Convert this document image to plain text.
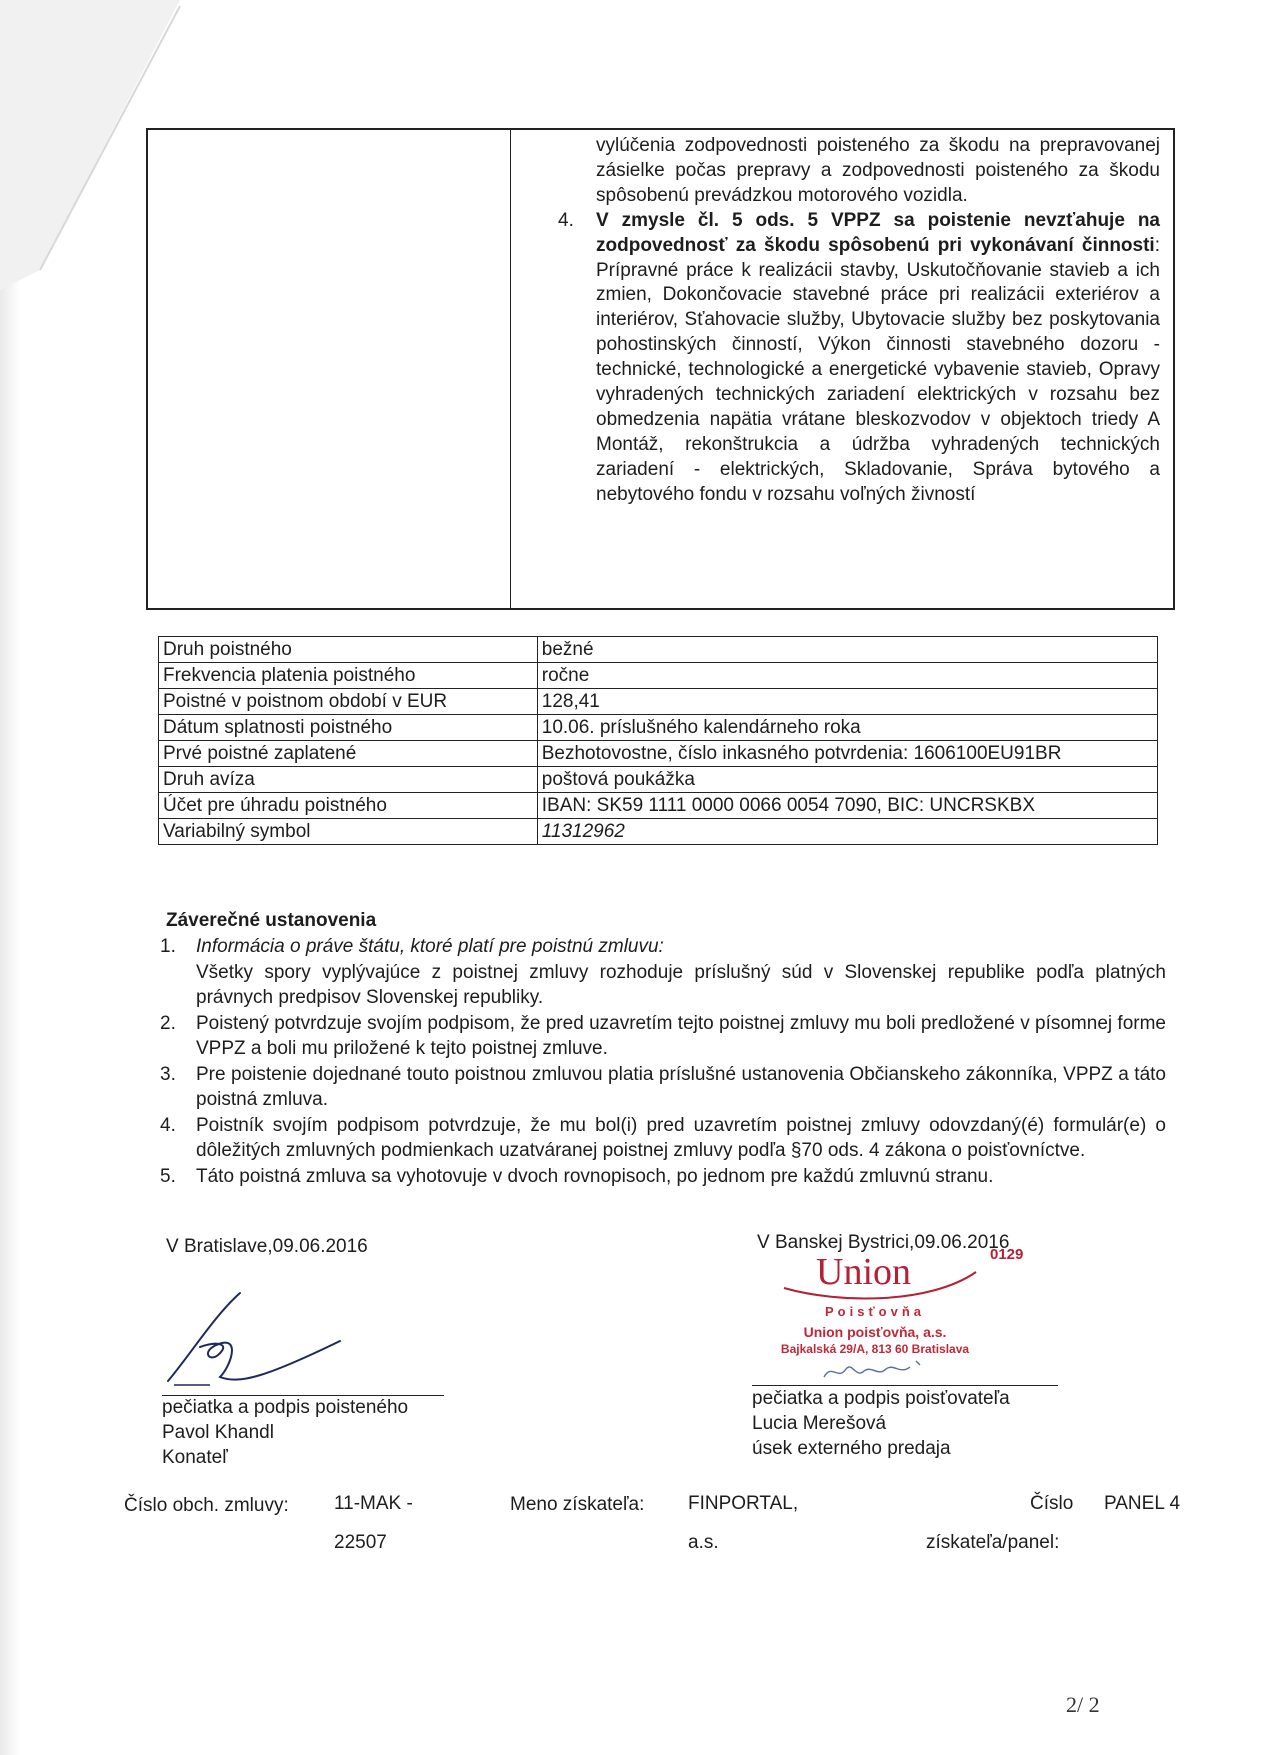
vylúčenia zodpovednosti poisteného za škodu na prepravovanej zásielke počas prepravy a zodpovednosti poisteného za škodu spôsobenú prevádzkou motorového vozidla.

4. V zmysle čl. 5 ods. 5 VPPZ sa poistenie nevzťahuje na zodpovednosť za škodu spôsobenú pri vykonávaní činnosti: Prípravné práce k realizácii stavby, Uskutočňovanie stavieb a ich zmien, Dokončovacie stavebné práce pri realizácii exteriérov a interiérov, Sťahovacie služby, Ubytovacie služby bez poskytovania pohostinských činností, Výkon činnosti stavebného dozoru - technické, technologické a energetické vybavenie stavieb, Opravy vyhradených technických zariadení elektrických v rozsahu bez obmedzenia napätia vrátane bleskozvodov v objektoch triedy A Montáž, rekonštrukcia a údržba vyhradených technických zariadení - elektrických, Skladovanie, Správa bytového a nebytového fondu v rozsahu voľných živností

Druh poistného	bežné
Frekvencia platenia poistného	ročne
Poistné v poistnom období v EUR	128,41
Dátum splatnosti poistného	10.06. príslušného kalendárneho roka
Prvé poistné zaplatené	Bezhotovostne, číslo inkasného potvrdenia: 1606100EU91BR
Druh avíza	poštová poukážka
Účet pre úhradu poistného	IBAN: SK59 1111 0000 0066 0054 7090, BIC: UNCRSKBX
Variabilný symbol	11312962
Záverečné ustanovenia

1. Informácia o práve štátu, ktoré platí pre poistnú zmluvu:
Všetky spory vyplývajúce z poistnej zmluvy rozhoduje príslušný súd v Slovenskej republike podľa platných právnych predpisov Slovenskej republiky.

2. Poistený potvrdzuje svojím podpisom, že pred uzavretím tejto poistnej zmluvy mu boli predložené v písomnej forme VPPZ a boli mu priložené k tejto poistnej zmluve.

3. Pre poistenie dojednané touto poistnou zmluvou platia príslušné ustanovenia Občianskeho zákonníka, VPPZ a táto poistná zmluva.

4. Poistník svojím podpisom potvrdzuje, že mu bol(i) pred uzavretím poistnej zmluvy odovzdaný(é) formulár(e) o dôležitých zmluvných podmienkach uzatváranej poistnej zmluvy podľa §70 ods. 4 zákona o poisťovníctve.

5. Táto poistná zmluva sa vyhotovuje v dvoch rovnopisoch, po jednom pre každú zmluvnú stranu.

V Bratislave,09.06.2016	V Banskej Bystrici,09.06.2016
pečiatka a podpis poisteného
Pavol Khandl
Konateľ
Union	0129
Poisťovňa
Union poisťovňa, a.s.
Bajkalská 29/A, 813 60 Bratislava
pečiatka a podpis poisťovateľa
Lucia Merešová
úsek externého predaja
Číslo obch. zmluvy: 11-MAK -
22507
Meno získateľa: FINPORTAL,
a.s.
Číslo
získateľa/panel:
PANEL 4
2/ 2
